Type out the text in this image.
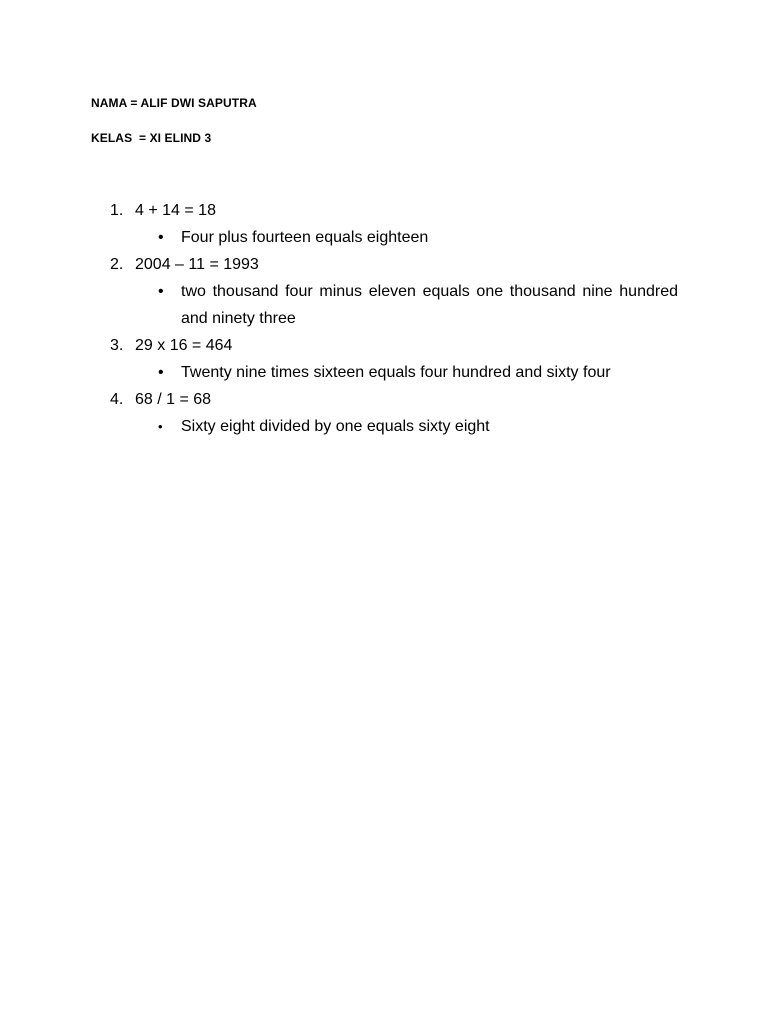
NAMA = ALIF DWI SAPUTRA
KELAS  = XI ELIND 3
1. 4 + 14 = 18
•	Four plus fourteen equals eighteen
2. 2004 – 11 = 1993
•	two thousand four minus eleven equals one thousand nine hundred and ninety three
3. 29 x 16 = 464
•	Twenty nine times sixteen equals four hundred and sixty four
4. 68 / 1 = 68
•	Sixty eight divided by one equals sixty eight
